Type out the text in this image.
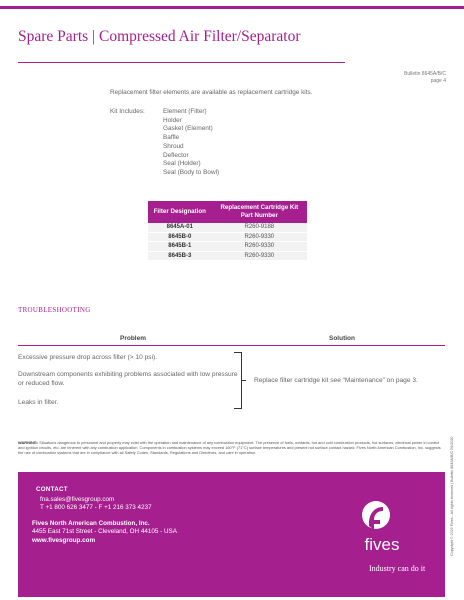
Spare Parts | Compressed Air Filter/Separator
Bulletin 8645A/B/C
page 4
Replacement filter elements are available as replacement cartridge kits.
Kit Includes:	Element (Filter)
Holder
Gasket (Element)
Baffle
Shroud
Deflector
Seal (Holder)
Seal (Body to Bowl)
Filter Designation	Replacement Cartridge Kit Part Number
8645A-01	R260-9188
8645B-0	R260-9330
8645B-1	R260-9330
8645B-3	R260-9330
TROUBLESHOOTING
Problem	Solution
Excessive pressure drop across filter (> 10 psi).
Downstream components exhibiting problems associated with low pressure or reduced flow.
Leaks in filter.
Replace filter cartridge kit see “Maintenance” on page 3.
WARNING: Situations dangerous to personnel and property may exist with the operation and maintenance of any combustion equipment. The presence of fuels, oxidants, hot and cold combustion products, hot surfaces, electrical power in control and ignition circuits, etc. are inherent with any combustion application. Components in combustion systems may exceed 160°F (71°C) surface temperatures and present hot surface contact hazard. Fives North American Combustion, Inc. suggests the use of combustion systems that are in compliance with all Safety Codes, Standards, Regulations and Directives, and care in operation.	Copyright © 2020 Fives - All rights reserved | Bulletin 8645A/B/C 06/2020
CONTACT
fna.sales@fivesgroup.com
T +1 800 626 3477 - F +1 216 373 4237
Fives North American Combustion, Inc.
4455 East 71st Street - Cleveland, OH 44105 - USA
www.fivesgroup.com	fives
Industry can do it
